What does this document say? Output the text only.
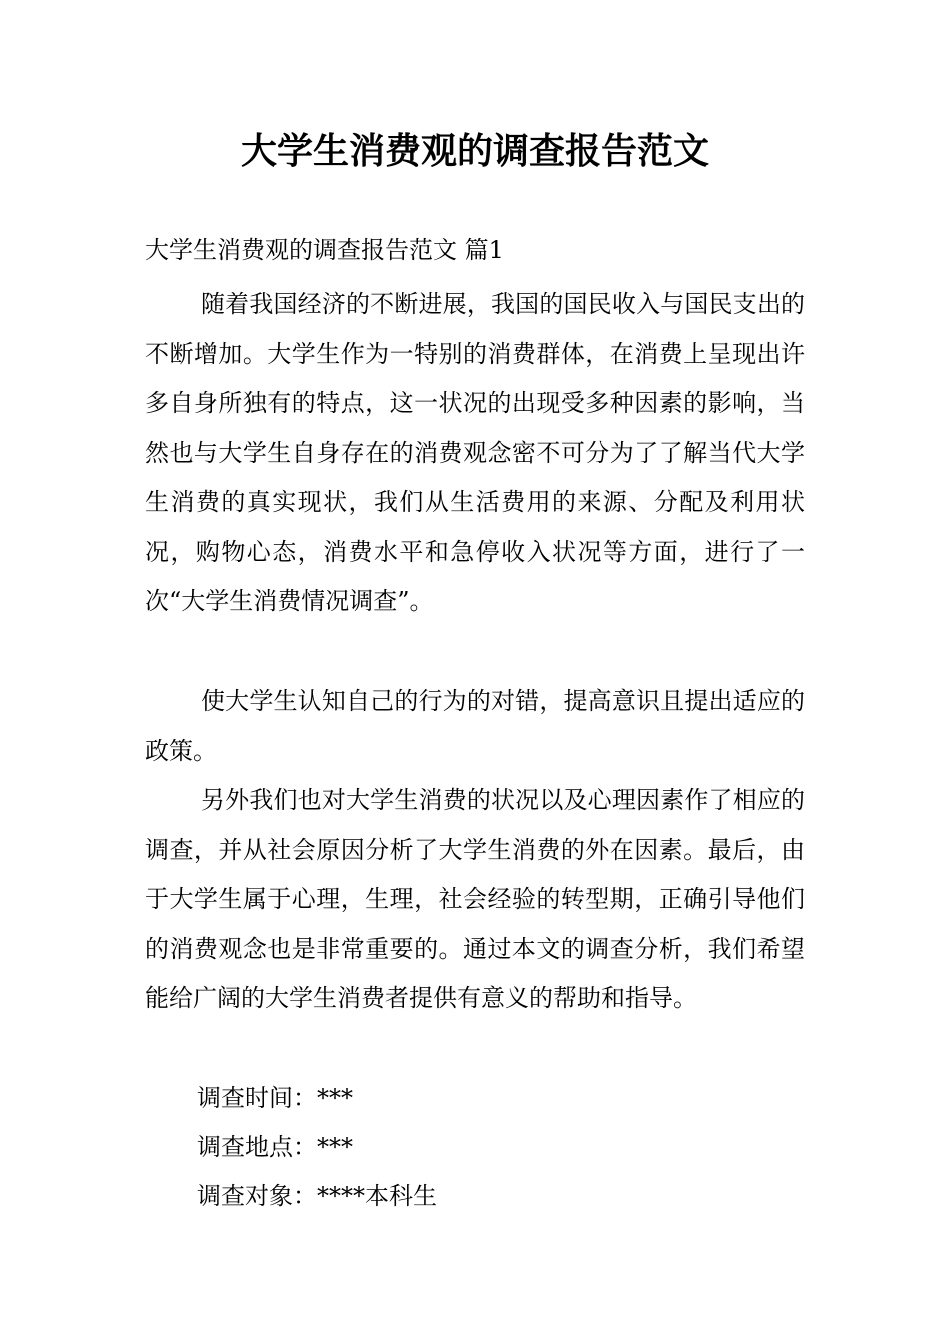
大学生消费观的调查报告范文

大学生消费观的调查报告范文 篇1

随着我国经济的不断进展，我国的国民收入与国民支出的不断增加。大学生作为一特别的消费群体，在消费上呈现出许多自身所独有的特点，这一状况的出现受多种因素的影响，当然也与大学生自身存在的消费观念密不可分为了了解当代大学生消费的真实现状，我们从生活费用的来源、分配及利用状况，购物心态，消费水平和急停收入状况等方面，进行了一次“大学生消费情况调查”。

使大学生认知自己的行为的对错，提高意识且提出适应的政策。

另外我们也对大学生消费的状况以及心理因素作了相应的调查，并从社会原因分析了大学生消费的外在因素。最后，由于大学生属于心理，生理，社会经验的转型期，正确引导他们的消费观念也是非常重要的。通过本文的调查分析，我们希望能给广阔的大学生消费者提供有意义的帮助和指导。

调查时间：***

调查地点：***

调查对象：****本科生
